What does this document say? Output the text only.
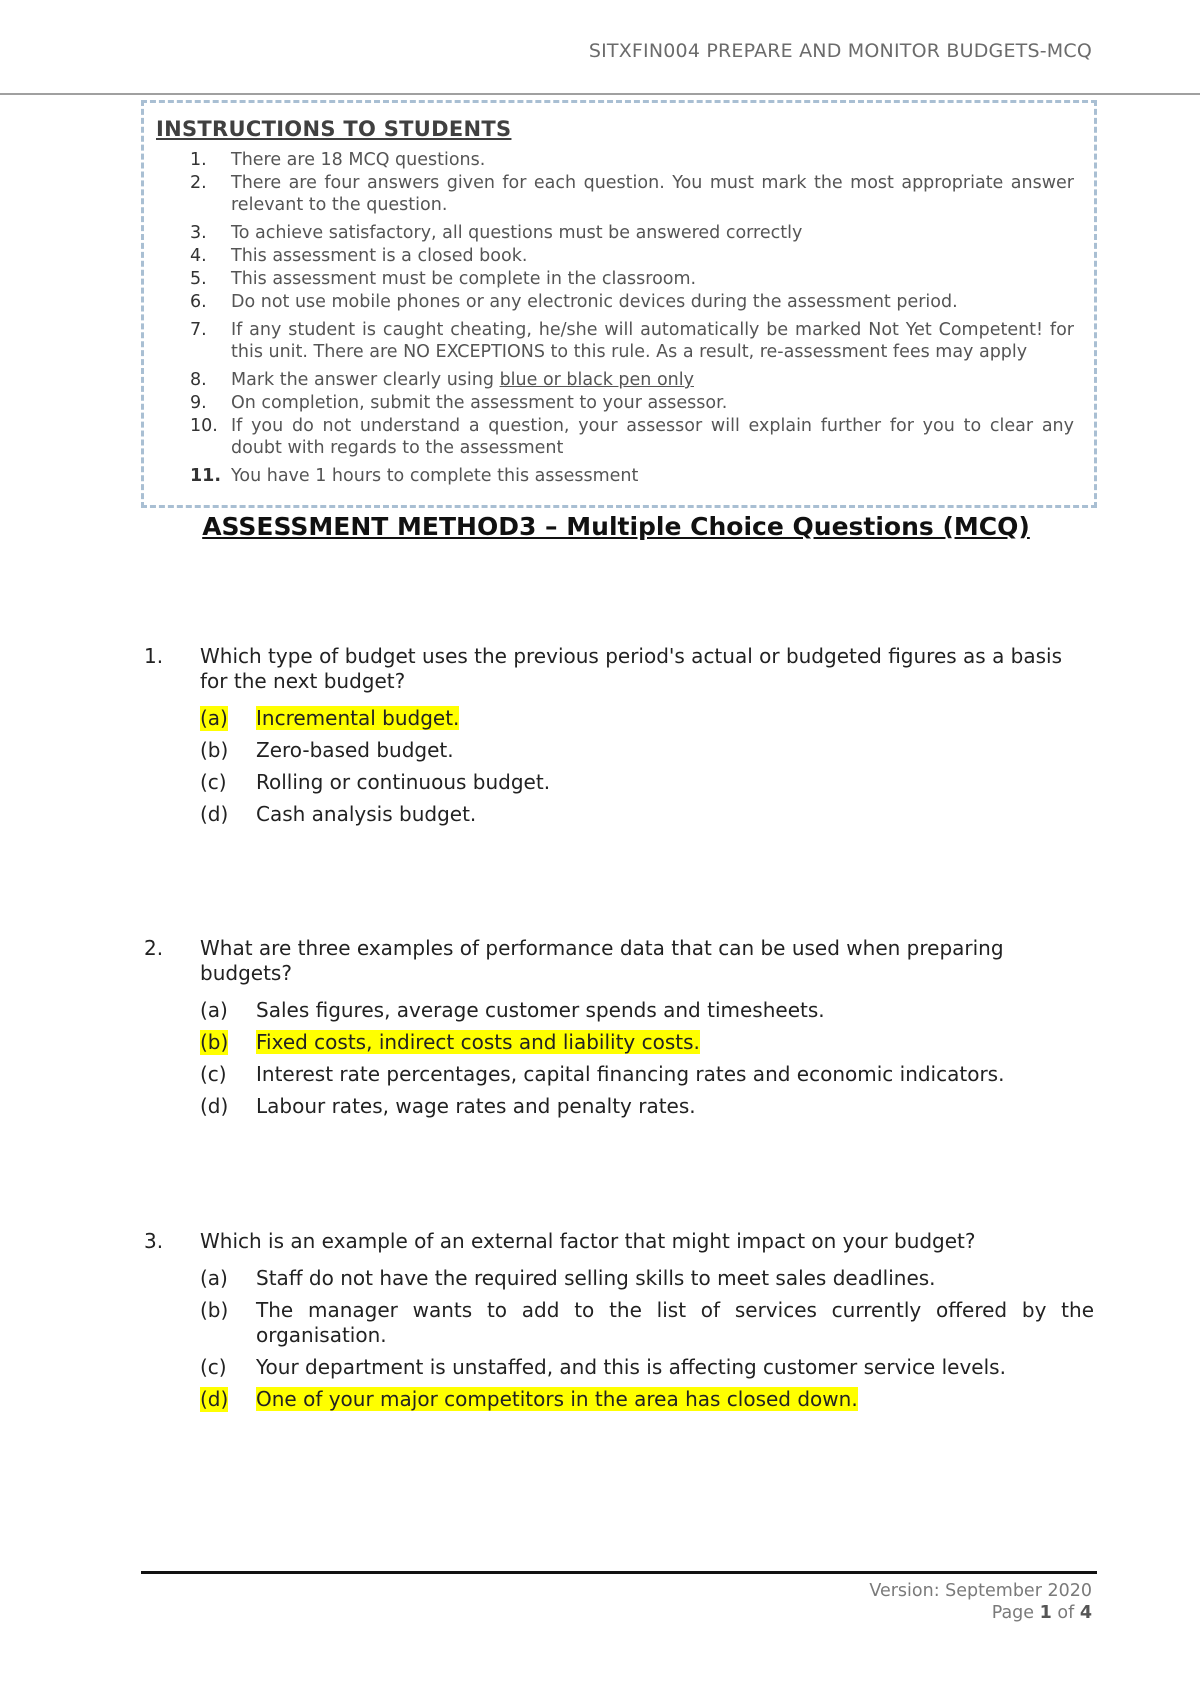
SITXFIN004 PREPARE AND MONITOR BUDGETS-MCQ
INSTRUCTIONS TO STUDENTS
1. There are 18 MCQ questions.
2. There are four answers given for each question. You must mark the most appropriate answer relevant to the question.
3. To achieve satisfactory, all questions must be answered correctly
4. This assessment is a closed book.
5. This assessment must be complete in the classroom.
6. Do not use mobile phones or any electronic devices during the assessment period.
7. If any student is caught cheating, he/she will automatically be marked Not Yet Competent! for this unit. There are NO EXCEPTIONS to this rule. As a result, re-assessment fees may apply
8. Mark the answer clearly using blue or black pen only
9. On completion, submit the assessment to your assessor.
10. If you do not understand a question, your assessor will explain further for you to clear any doubt with regards to the assessment
11. You have 1 hours to complete this assessment
ASSESSMENT METHOD3 – Multiple Choice Questions (MCQ)
1. Which type of budget uses the previous period's actual or budgeted figures as a basis for the next budget?
(a) Incremental budget.
(b) Zero-based budget.
(c) Rolling or continuous budget.
(d) Cash analysis budget.
2. What are three examples of performance data that can be used when preparing budgets?
(a) Sales figures, average customer spends and timesheets.
(b) Fixed costs, indirect costs and liability costs.
(c) Interest rate percentages, capital financing rates and economic indicators.
(d) Labour rates, wage rates and penalty rates.
3. Which is an example of an external factor that might impact on your budget?
(a) Staff do not have the required selling skills to meet sales deadlines.
(b) The manager wants to add to the list of services currently offered by the organisation.
(c) Your department is unstaffed, and this is affecting customer service levels.
(d) One of your major competitors in the area has closed down.
Version: September 2020
Page 1 of 4
